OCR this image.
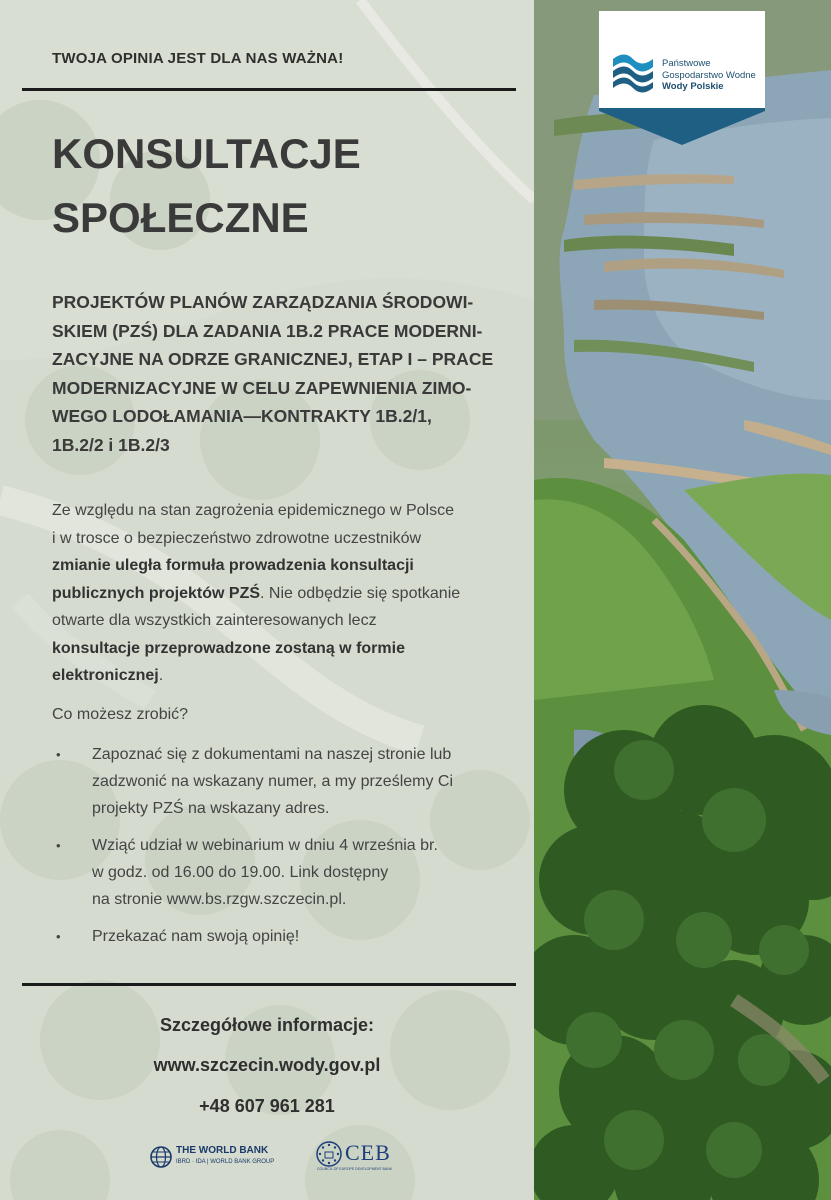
Państwowe
Gospodarstwo Wodne
Wody Polskie
TWOJA OPINIA JEST DLA NAS WAŻNA!
KONSULTACJE
SPOŁECZNE
PROJEKTÓW PLANÓW ZARZĄDZANIA ŚRODOWI-
SKIEM (PZŚ) DLA ZADANIA 1B.2 PRACE MODERNI-
ZACYJNE NA ODRZE GRANICZNEJ, ETAP I – PRACE
MODERNIZACYJNE W CELU ZAPEWNIENIA ZIMO-
WEGO LODOŁAMANIA—KONTRAKTY 1B.2/1,
1B.2/2 i 1B.2/3
Ze względu na stan zagrożenia epidemicznego w Polsce
i w trosce o bezpieczeństwo zdrowotne uczestników
zmianie uległa formuła prowadzenia konsultacji
publicznych projektów PZŚ. Nie odbędzie się spotkanie
otwarte dla wszystkich zainteresowanych lecz
konsultacje przeprowadzone zostaną w formie
elektronicznej.
Co możesz zrobić?
• Zapoznać się z dokumentami na naszej stronie lub
zadzwonić na wskazany numer, a my prześlemy Ci
projekty PZŚ na wskazany adres.
• Wziąć udział w webinarium w dniu 4 września br.
w godz. od 16.00 do 19.00. Link dostępny
na stronie www.bs.rzgw.szczecin.pl.
• Przekazać nam swoją opinię!
Szczegółowe informacje:
www.szczecin.wody.gov.pl
+48 607 961 281
THE WORLD BANK
IBRD · IDA | WORLD BANK GROUP	CEB
COUNCIL OF EUROPE DEVELOPMENT BANK
